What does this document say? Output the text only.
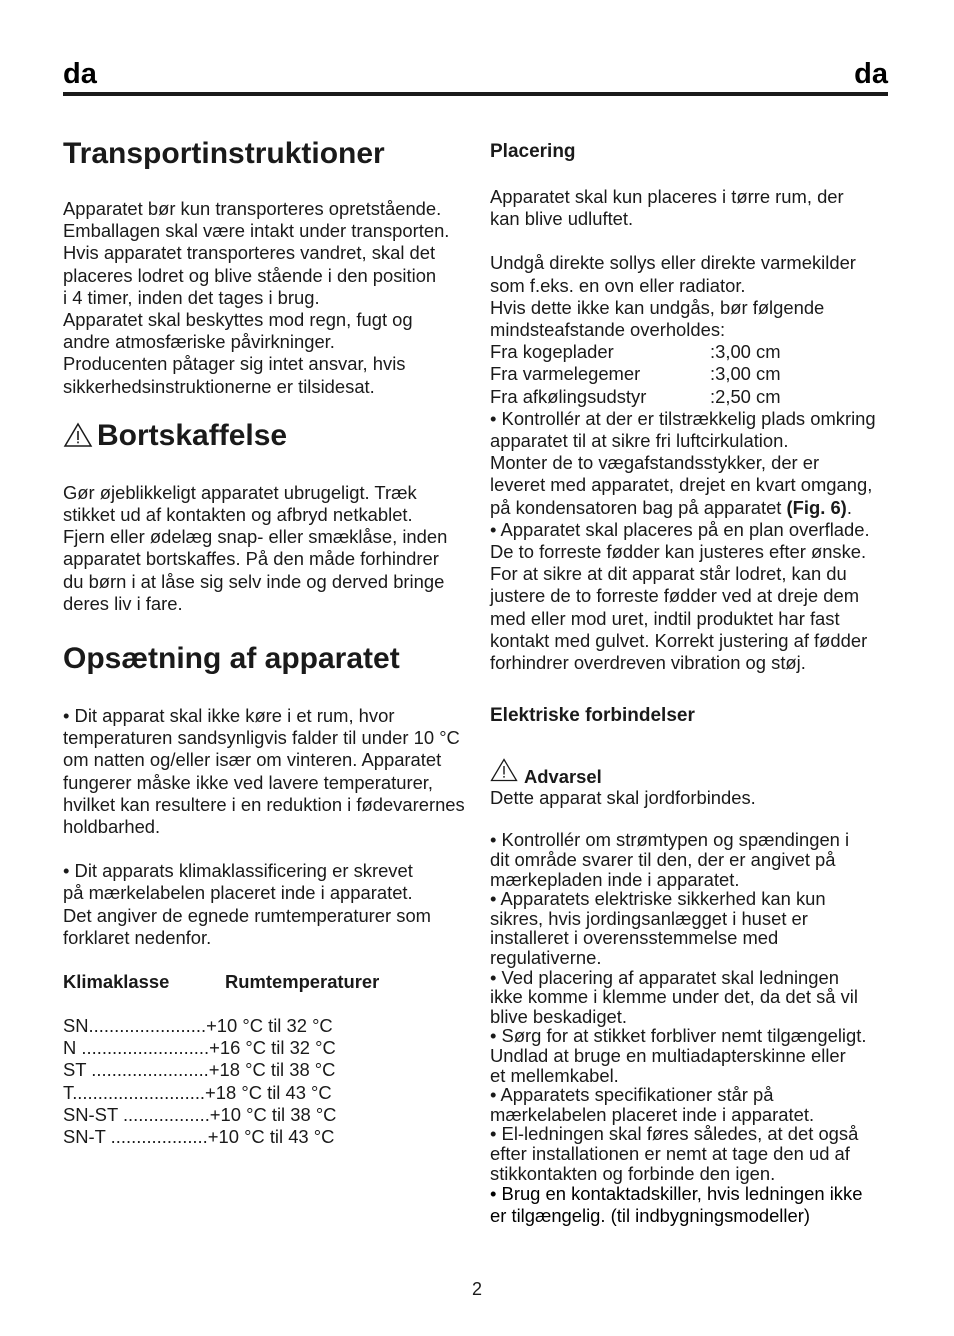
da	da
Transportinstruktioner

Apparatet bør kun transporteres opretstående.

Emballagen skal være intakt under transporten.

Hvis apparatet transporteres vandret, skal det

placeres lodret og blive stående i den position

i 4 timer, inden det tages i brug.

Apparatet skal beskyttes mod regn, fugt og

andre atmosfæriske påvirkninger.

Producenten påtager sig intet ansvar, hvis

sikkerhedsinstruktionerne er tilsidesat.

Bortskaffelse

Gør øjeblikkeligt apparatet ubrugeligt. Træk

stikket ud af kontakten og afbryd netkablet.

Fjern eller ødelæg snap- eller smæklåse, inden

apparatet bortskaffes. På den måde forhindrer

du børn i at låse sig selv inde og derved bringe

deres liv i fare.

Opsætning af apparatet

• Dit apparat skal ikke køre i et rum, hvor

temperaturen sandsynligvis falder til under 10 °C

om natten og/eller især om vinteren. Apparatet

fungerer måske ikke ved lavere temperaturer,

hvilket kan resultere i en reduktion i fødevarernes

holdbarhed.

• Dit apparats klimaklassificering er skrevet

på mærkelabelen placeret inde i apparatet.

Det angiver de egnede rumtemperaturer som

forklaret nedenfor.

Klimaklasse	Rumtemperaturer
SN.......................+10 °C til 32 °C
N .........................+16 °C til 32 °C
ST .......................+18 °C til 38 °C
T..........................+18 °C til 43 °C
SN-ST .................+10 °C til 38 °C
SN-T ...................+10 °C til 43 °C
Placering

Apparatet skal kun placeres i tørre rum, der

kan blive udluftet.

Undgå direkte sollys eller direkte varmekilder

som f.eks. en ovn eller radiator.

Hvis dette ikke kan undgås, bør følgende

mindsteafstande overholdes:

Fra kogeplader	:3,00 cm
Fra varmelegemer	:3,00 cm
Fra afkølingsudstyr	:2,50 cm

• Kontrollér at der er tilstrækkelig plads omkring

apparatet til at sikre fri luftcirkulation.

Monter de to vægafstandsstykker, der er

leveret med apparatet, drejet en kvart omgang,

på kondensatoren bag på apparatet (Fig. 6).

• Apparatet skal placeres på en plan overflade.

De to forreste fødder kan justeres efter ønske.

For at sikre at dit apparat står lodret, kan du

justere de to forreste fødder ved at dreje dem

med eller mod uret, indtil produktet har fast

kontakt med gulvet. Korrekt justering af fødder

forhindrer overdreven vibration og støj.

Elektriske forbindelser
Advarsel

Dette apparat skal jordforbindes.

• Kontrollér om strømtypen og spændingen i

dit område svarer til den, der er angivet på

mærkepladen inde i apparatet.

• Apparatets elektriske sikkerhed kan kun

sikres, hvis jordingsanlægget i huset er

installeret i overensstemmelse med

regulativerne.

• Ved placering af apparatet skal ledningen

ikke komme i klemme under det, da det så vil

blive beskadiget.

• Sørg for at stikket forbliver nemt tilgængeligt.

Undlad at bruge en multiadapterskinne eller

et mellemkabel.

• Apparatets specifikationer står på

mærkelabelen placeret inde i apparatet.

• El-ledningen skal føres således, at det også

efter installationen er nemt at tage den ud af

stikkontakten og forbinde den igen.

• Brug en kontaktadskiller, hvis ledningen ikke

er tilgængelig. (til indbygningsmodeller)

2
